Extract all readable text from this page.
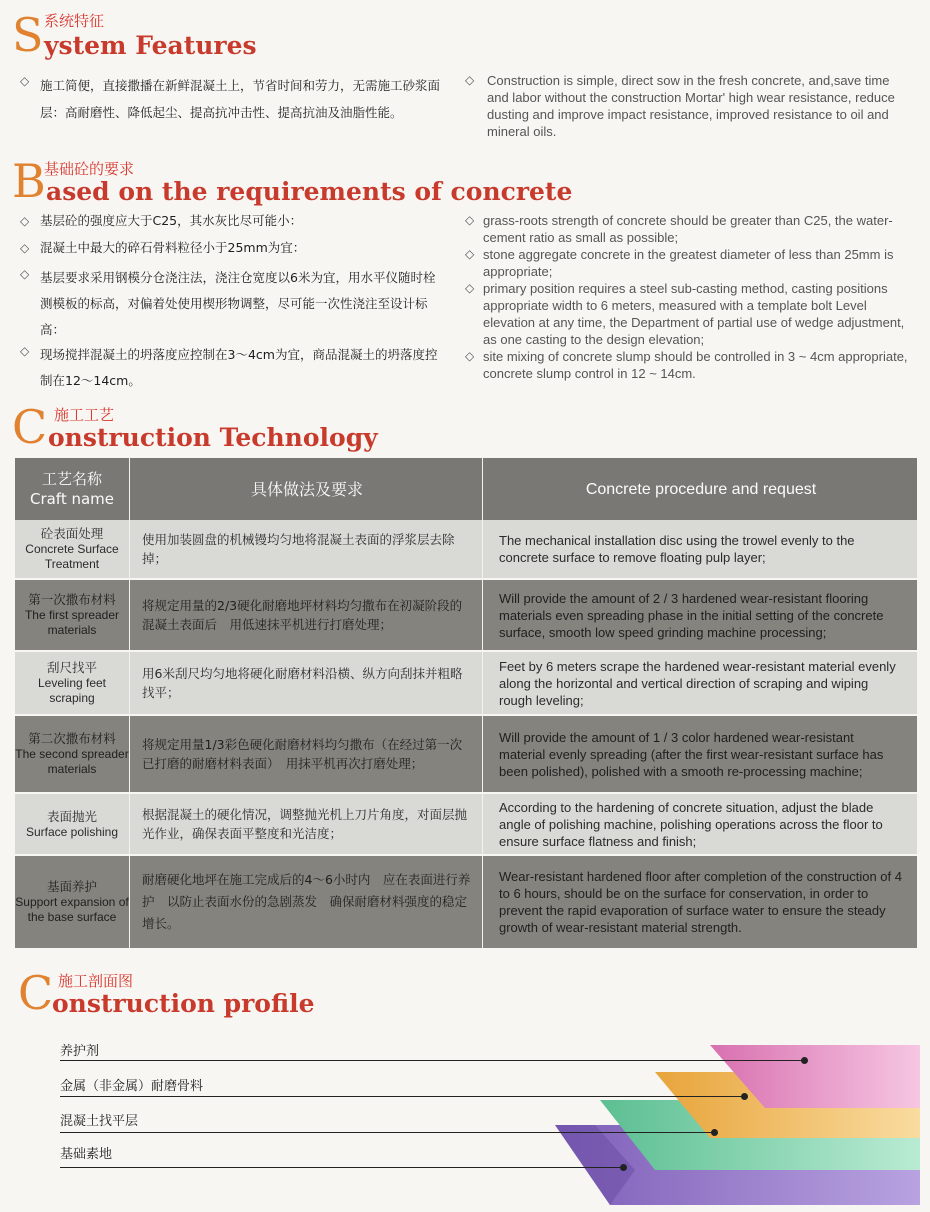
S 系统特征
ystem Features
◇ 施工简便，直接撒播在新鲜混凝土上，节省时间和劳力，无需施工砂浆面层：高耐磨性、降低起尘、提高抗冲击性、提高抗油及油脂性能。
◇ Construction is simple, direct sow in the fresh concrete, and,save time and labor without the construction Mortar' high wear resistance, reduce dusting and improve impact resistance, improved resistance to oil and mineral oils.
B
基础砼的要求
ased on the requirements of concrete
◇ 基层砼的强度应大于C25，其水灰比尽可能小：
◇ 混凝土中最大的碎石骨料粒径小于25mm为宜：
◇ 基层要求采用钢模分仓浇注法，浇注仓宽度以6米为宜，用水平仪随时栓测模板的标高，对偏着处使用楔形物调整，尽可能一次性浇注至设计标高：
◇ 现场搅拌混凝土的坍落度应控制在3～4cm为宜，商品混凝土的坍落度控制在12～14cm。
◇ grass-roots strength of concrete should be greater than C25, the water-cement ratio as small as possible;
◇ stone aggregate concrete in the greatest diameter of less than 25mm is appropriate;
◇ primary position requires a steel sub-casting method, casting positions appropriate width to 6 meters, measured with a template bolt Level elevation at any time, the Department of partial use of wedge adjustment, as one casting to the design elevation;
◇ site mixing of concrete slump should be controlled in 3 ~ 4cm appropriate, concrete slump control in 12 ~ 14cm.
C 施工工艺
onstruction Technology
工艺名称
Craft name
具体做法及要求	Concrete procedure and request
砼表面处理
Concrete Surface Treatment
使用加装圆盘的机械镘均匀地将混凝土表面的浮浆层去除掉；
The mechanical installation disc using the trowel evenly to the concrete surface to remove floating pulp layer;
第一次撒布材料
The first spreader materials
将规定用量的2/3硬化耐磨地坪材料均匀撒布在初凝阶段的混凝土表面后　用低速抹平机进行打磨处理；
Will provide the amount of 2 / 3 hardened wear-resistant flooring materials even spreading phase in the initial setting of the concrete surface, smooth low speed grinding machine processing;
刮尺找平
Leveling feet scraping
用6米刮尺均匀地将硬化耐磨材料沿横、纵方向刮抹并粗略找平；
Feet by 6 meters scrape the hardened wear-resistant material evenly along the horizontal and vertical direction of scraping and wiping rough leveling;
第二次撒布材料
The second spreader materials
将规定用量1/3彩色硬化耐磨材料均匀撒布（在经过第一次已打磨的耐磨材料表面）　用抹平机再次打磨处理；
Will provide the amount of 1 / 3 color hardened wear-resistant material evenly spreading (after the first wear-resistant surface has been polished), polished with a smooth re-processing machine;
表面抛光
Surface polishing
根据混凝土的硬化情况，调整抛光机上刀片角度，对面层抛光作业，确保表面平整度和光洁度；
According to the hardening of concrete situation, adjust the blade angle of polishing machine, polishing operations across the floor to ensure surface flatness and finish;
基面养护
Support expansion of the base surface
耐磨硬化地坪在施工完成后的4～6小时内　应在表面进行养护　以防止表面水份的急剧蒸发　确保耐磨材料强度的稳定增长。
Wear-resistant hardened floor after completion of the construction of 4 to 6 hours, should be on the surface for conservation, in order to prevent the rapid evaporation of surface water to ensure the steady growth of wear-resistant material strength.
C 施工剖面图
onstruction profile
养护剂
金属（非金属）耐磨骨料
混凝土找平层
基础素地
